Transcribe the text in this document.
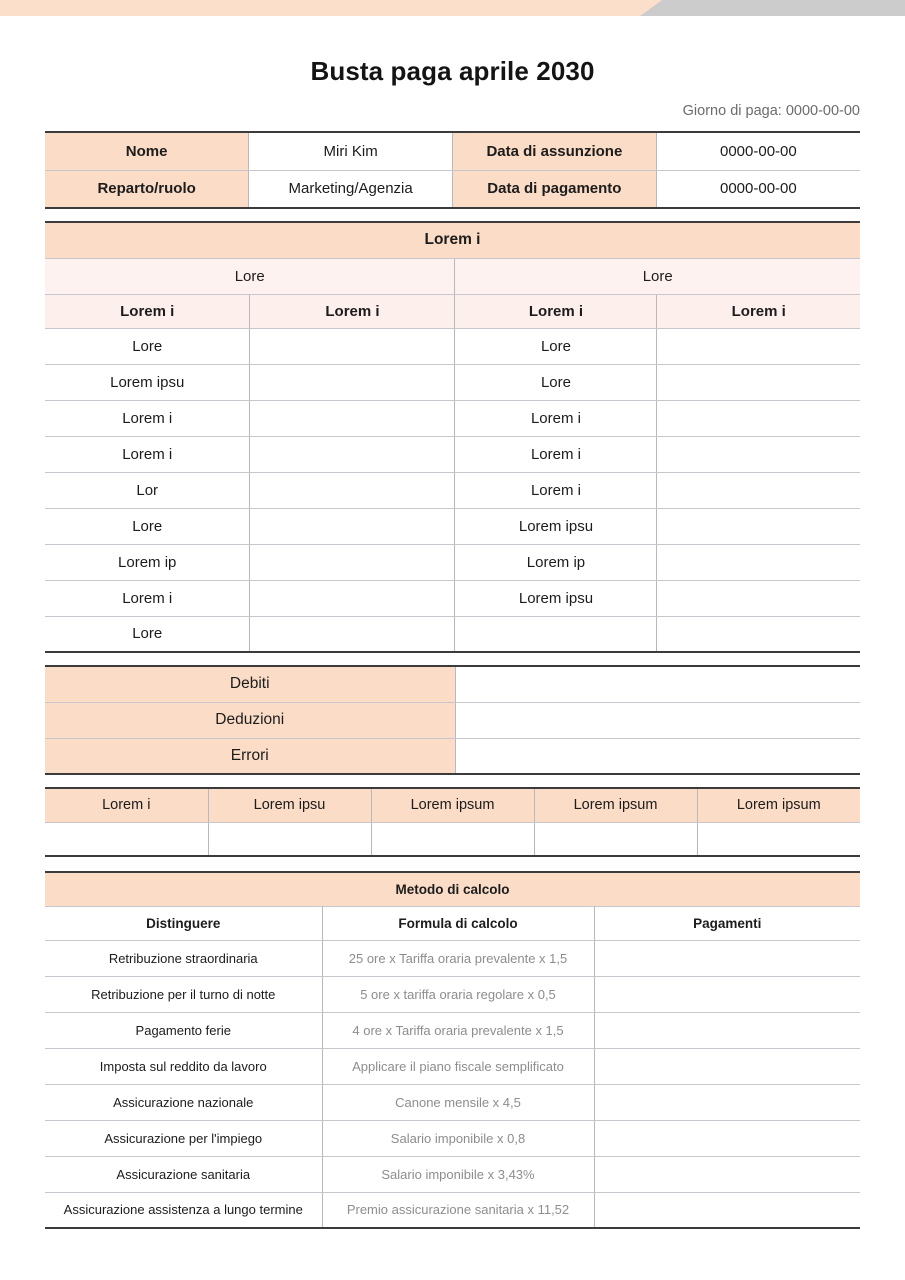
Busta paga aprile 2030
Giorno di paga: 0000-00-00
Nome	Miri Kim	Data di assunzione	0000-00-00
Reparto/ruolo	Marketing/Agenzia	Data di pagamento	0000-00-00
Lorem i			
Lore		Lore	
Lorem i	Lorem i	Lorem i	Lorem i
Lore		Lore	
Lorem ipsu		Lore	
Lorem i		Lorem i	
Lorem i		Lorem i	
Lor		Lorem i	
Lore		Lorem ipsu	
Lorem ip		Lorem ip	
Lorem i		Lorem ipsu	
Lore			
Debiti	
Deduzioni	
Errori	
Lorem i	Lorem ipsu	Lorem ipsum	Lorem ipsum	Lorem ipsum

Metodo di calcolo		
Distinguere	Formula di calcolo	Pagamenti
Retribuzione straordinaria	25 ore x Tariffa oraria prevalente x 1,5	
Retribuzione per il turno di notte	5 ore x tariffa oraria regolare x 0,5	
Pagamento ferie	4 ore x Tariffa oraria prevalente x 1,5	
Imposta sul reddito da lavoro	Applicare il piano fiscale semplificato	
Assicurazione nazionale	Canone mensile x 4,5	
Assicurazione per l'impiego	Salario imponibile x 0,8	
Assicurazione sanitaria	Salario imponibile x 3,43%	
Assicurazione assistenza a lungo termine	Premio assicurazione sanitaria x 11,52	
